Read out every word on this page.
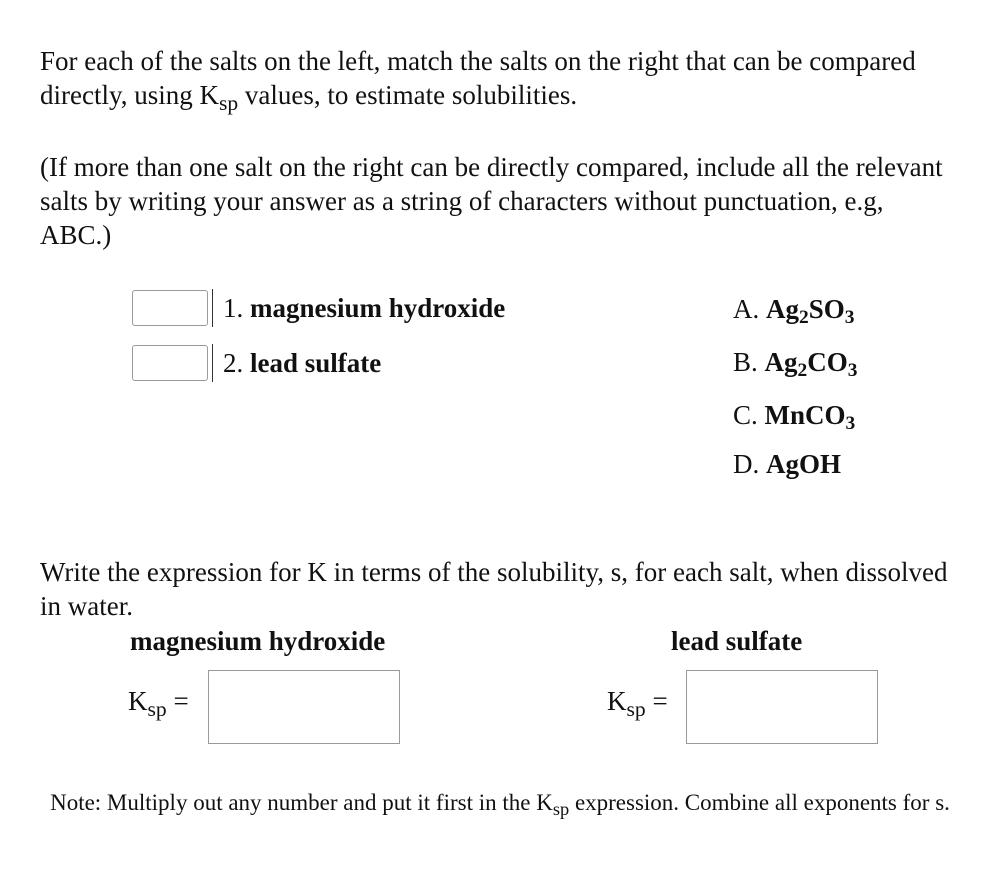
For each of the salts on the left, match the salts on the right that can be compared directly, using $K_{sp}$ values, to estimate solubilities.

(If more than one salt on the right can be directly compared, include all the relevant salts by writing your answer as a string of characters without punctuation, e.g, ABC.)

1. magnesium hydroxide
2. lead sulfate
A. $Ag_2SO_3$
B. $Ag_2CO_3$
C. MnCO$_3$
D. AgOH

Write the expression for K in terms of the solubility, s, for each salt, when dissolved in water.

magnesium hydroxide	lead sulfate
$K_{sp}$ =	$K_{sp}$ =

Note: Multiply out any number and put it first in the $K_{sp}$ expression. Combine all exponents for s.
